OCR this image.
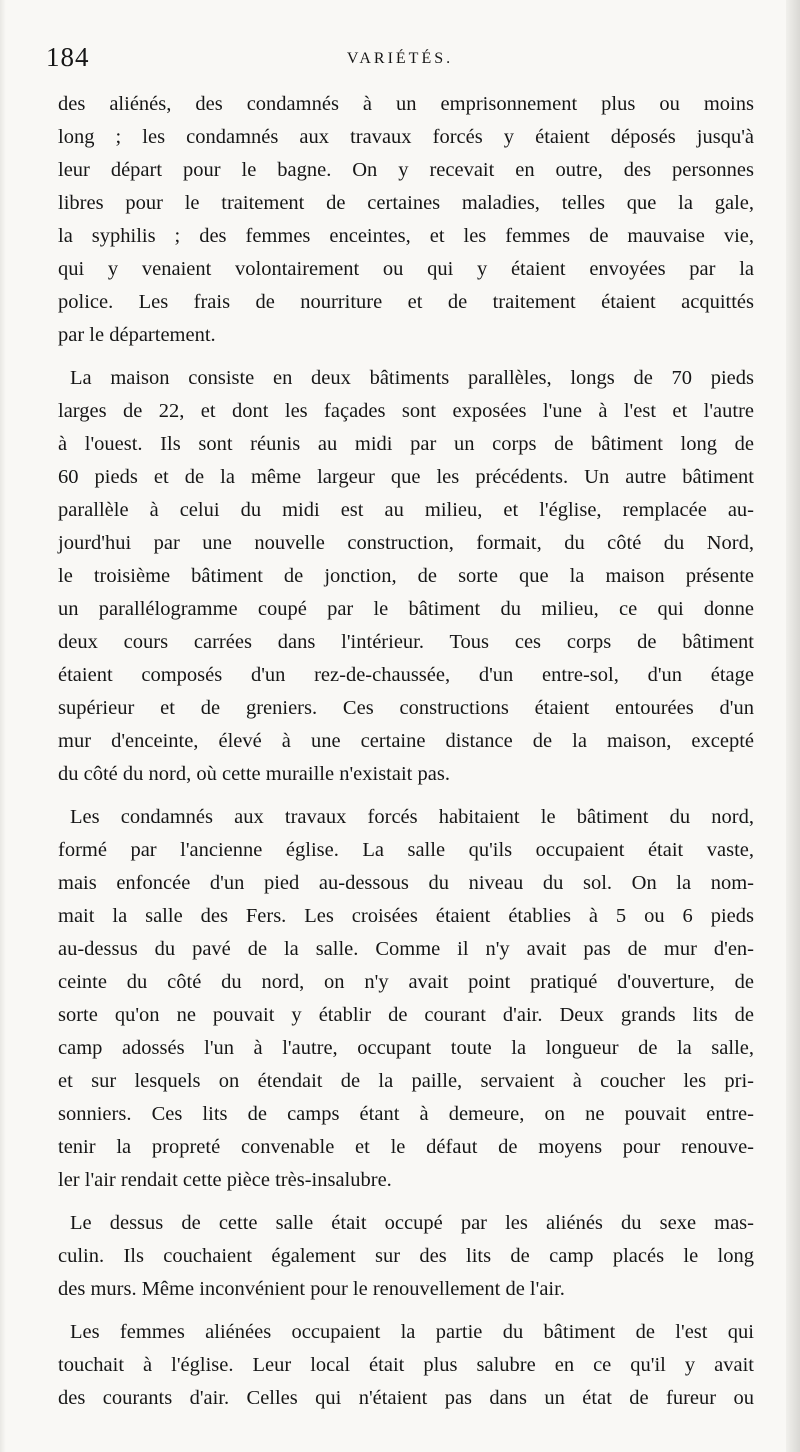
184	VARIÉTÉS.

des aliénés, des condamnés à un emprisonnement plus ou moins
long ; les condamnés aux travaux forcés y étaient déposés jusqu'à
leur départ pour le bagne. On y recevait en outre, des personnes
libres pour le traitement de certaines maladies, telles que la gale,
la syphilis ; des femmes enceintes, et les femmes de mauvaise vie,
qui y venaient volontairement ou qui y étaient envoyées par la
police. Les frais de nourriture et de traitement étaient acquittés
par le département.

La maison consiste en deux bâtiments parallèles, longs de 70 pieds
larges de 22, et dont les façades sont exposées l'une à l'est et l'autre
à l'ouest. Ils sont réunis au midi par un corps de bâtiment long de
60 pieds et de la même largeur que les précédents. Un autre bâtiment
parallèle à celui du midi est au milieu, et l'église, remplacée au-
jourd'hui par une nouvelle construction, formait, du côté du Nord,
le troisième bâtiment de jonction, de sorte que la maison présente
un parallélogramme coupé par le bâtiment du milieu, ce qui donne
deux cours carrées dans l'intérieur. Tous ces corps de bâtiment
étaient composés d'un rez-de-chaussée, d'un entre-sol, d'un étage
supérieur et de greniers. Ces constructions étaient entourées d'un
mur d'enceinte, élevé à une certaine distance de la maison, excepté
du côté du nord, où cette muraille n'existait pas.

Les condamnés aux travaux forcés habitaient le bâtiment du nord,
formé par l'ancienne église. La salle qu'ils occupaient était vaste,
mais enfoncée d'un pied au-dessous du niveau du sol. On la nom-
mait la salle des Fers. Les croisées étaient établies à 5 ou 6 pieds
au-dessus du pavé de la salle. Comme il n'y avait pas de mur d'en-
ceinte du côté du nord, on n'y avait point pratiqué d'ouverture, de
sorte qu'on ne pouvait y établir de courant d'air. Deux grands lits de
camp adossés l'un à l'autre, occupant toute la longueur de la salle,
et sur lesquels on étendait de la paille, servaient à coucher les pri-
sonniers. Ces lits de camps étant à demeure, on ne pouvait entre-
tenir la propreté convenable et le défaut de moyens pour renouve-
ler l'air rendait cette pièce très-insalubre.

Le dessus de cette salle était occupé par les aliénés du sexe mas-
culin. Ils couchaient également sur des lits de camp placés le long
des murs. Même inconvénient pour le renouvellement de l'air.

Les femmes aliénées occupaient la partie du bâtiment de l'est qui
touchait à l'église. Leur local était plus salubre en ce qu'il y avait
des courants d'air. Celles qui n'étaient pas dans un état de fureur ou
